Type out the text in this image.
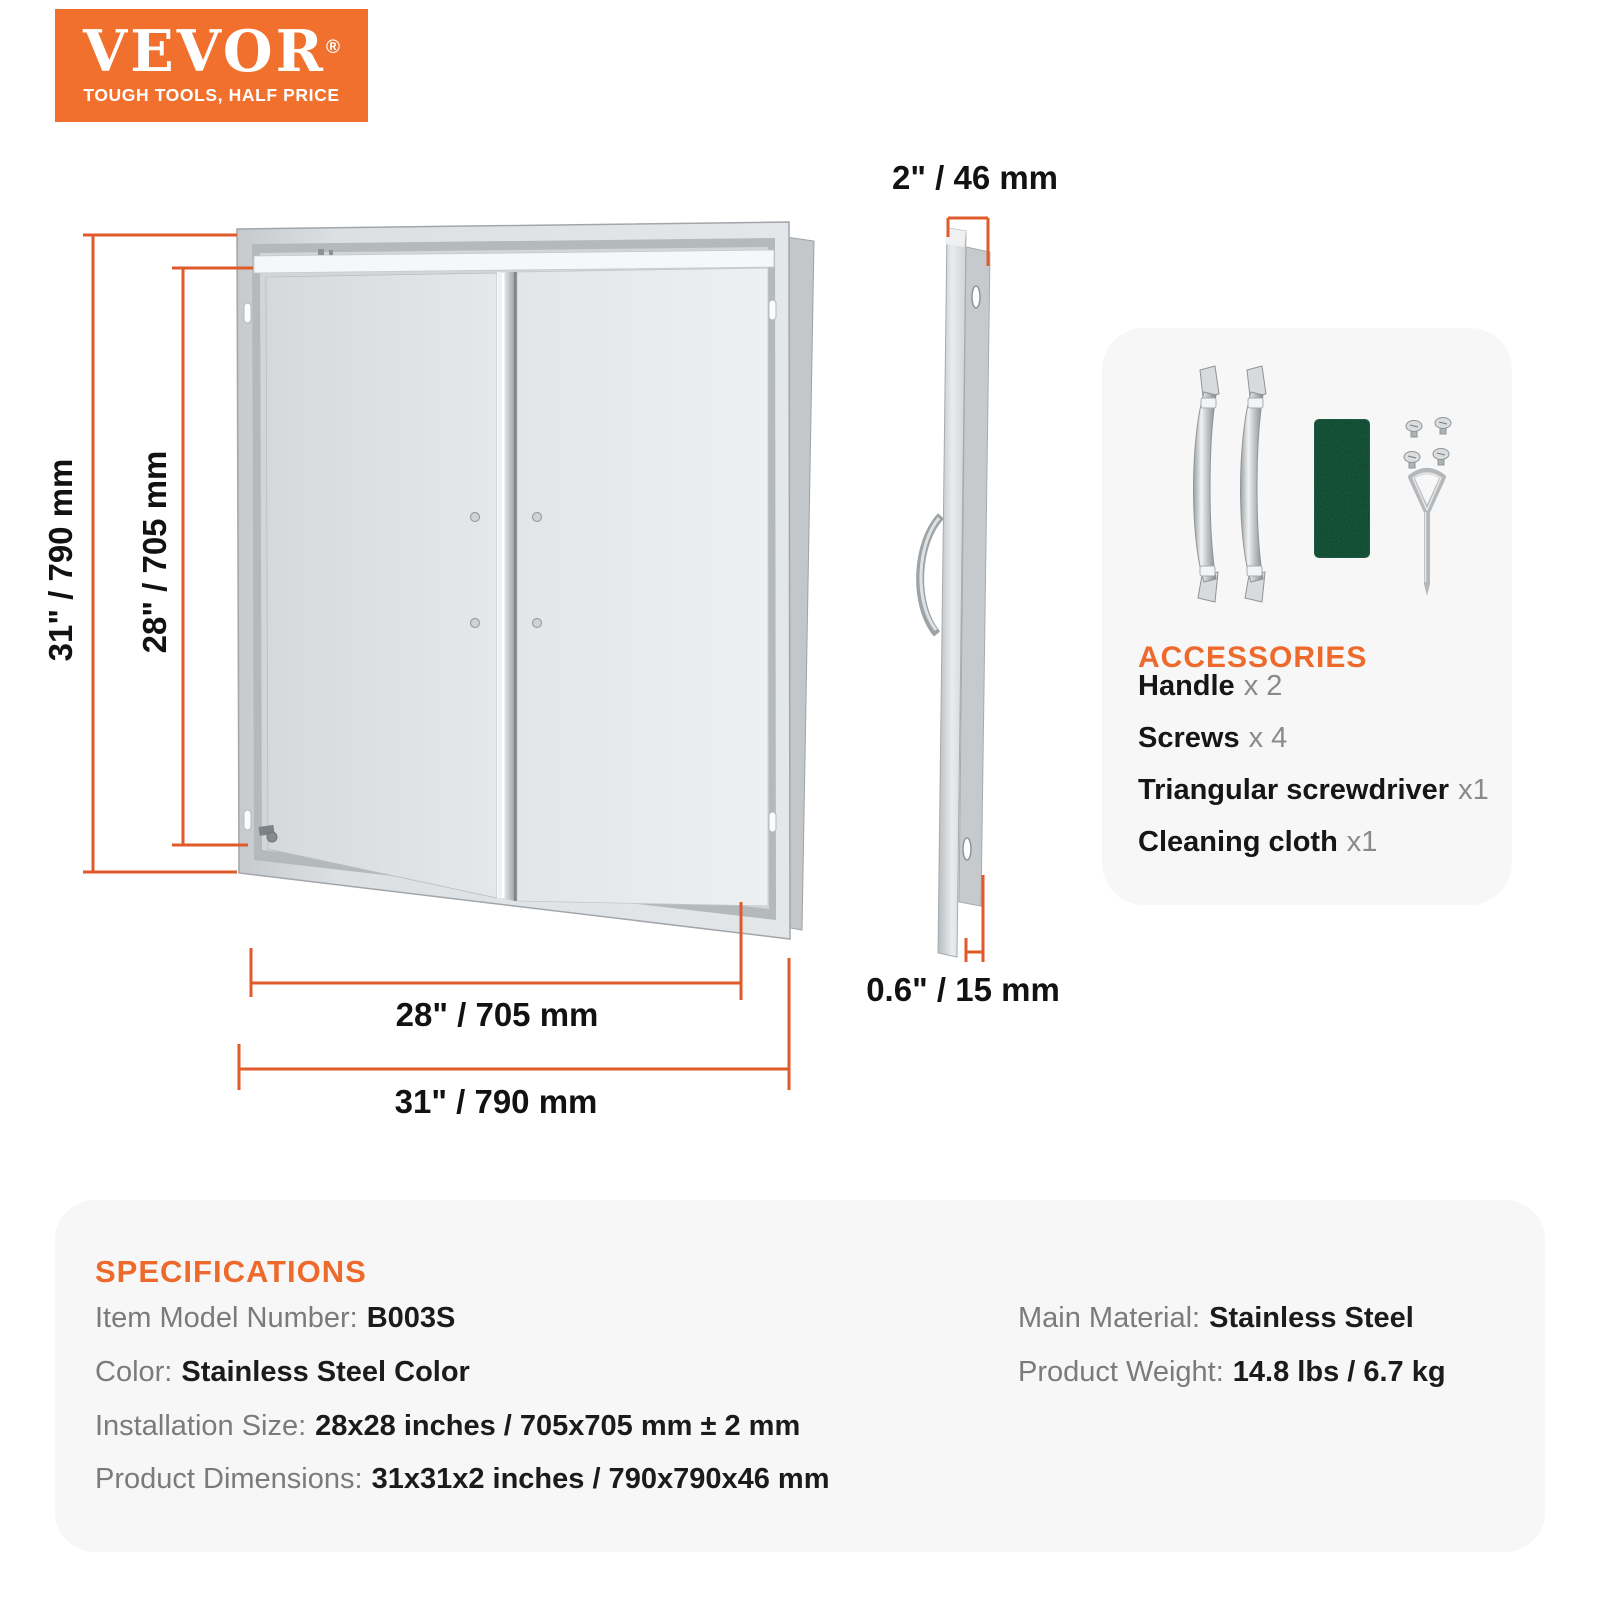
VEVOR®
TOUGH TOOLS, HALF PRICE
31" / 790 mm 28" / 705 mm
28" / 705 mm
31" / 790 mm
2" / 46 mm
0.6" / 15 mm
ACCESSORIES
Handle x 2
Screws x 4
Triangular screwdriver x1
Cleaning cloth x1
SPECIFICATIONS
Item Model Number: B003S
Color: Stainless Steel Color
Installation Size: 28x28 inches / 705x705 mm ± 2 mm
Product Dimensions: 31x31x2 inches / 790x790x46 mm
Main Material: Stainless Steel
Product Weight: 14.8 lbs / 6.7 kg
